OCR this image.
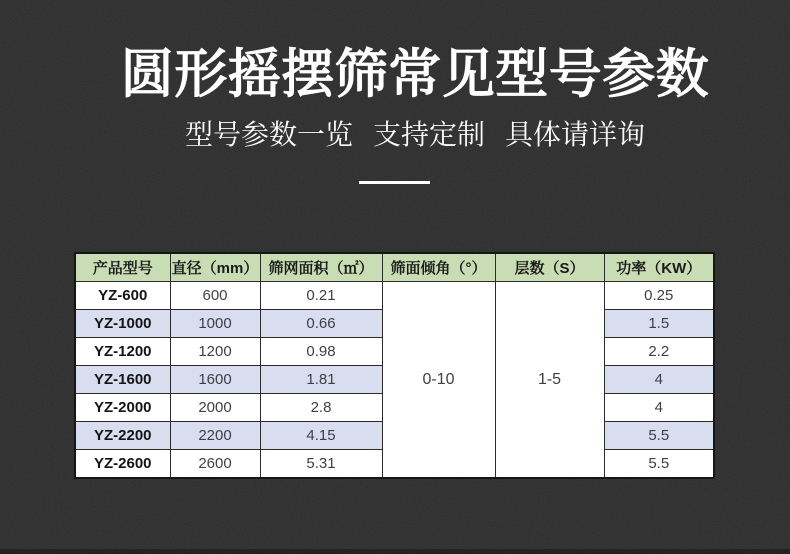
圆形摇摆筛常见型号参数
型号参数一览 支持定制 具体请详询
产品型号	直径（mm）	筛网面积（㎡）	筛面倾角（°）	层数（S）	功率（KW）
YZ-600	600	0.21	0-10	1-5	0.25
YZ-1000	1000	0.66			1.5
YZ-1200	1200	0.98			2.2
YZ-1600	1600	1.81			4
YZ-2000	2000	2.8			4
YZ-2200	2200	4.15			5.5
YZ-2600	2600	5.31			5.5
